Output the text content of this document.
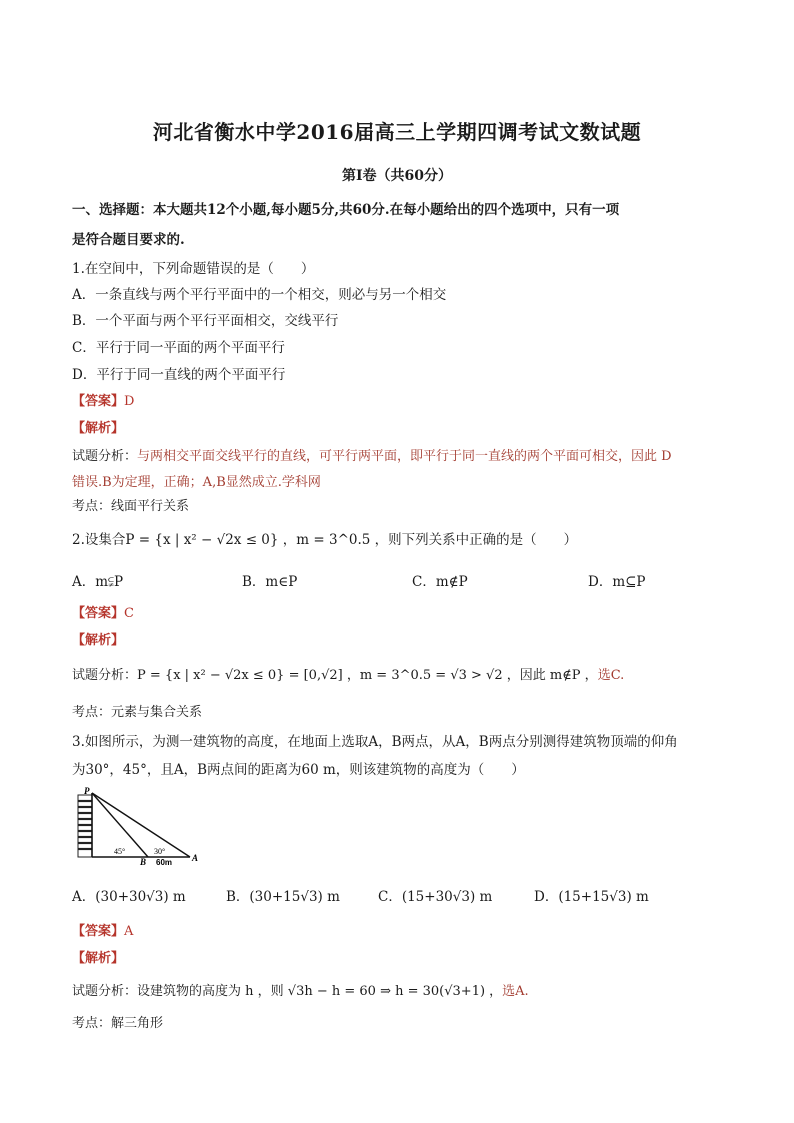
河北省衡水中学2016届高三上学期四调考试文数试题
第Ⅰ卷（共60分）
一、选择题：本大题共12个小题,每小题5分,共60分.在每小题给出的四个选项中，只有一项
是符合题目要求的.
1.在空间中，下列命题错误的是（　　）
A．一条直线与两个平行平面中的一个相交，则必与另一个相交
B．一个平面与两个平行平面相交，交线平行
C．平行于同一平面的两个平面平行
D．平行于同一直线的两个平面平行
【答案】D
【解析】
试题分析：与两相交平面交线平行的直线，可平行两平面，即平行于同一直线的两个平面可相交，因此 D
错误.B为定理，正确；A,B显然成立.学科网
考点：线面平行关系
2.设集合P = {x | x² − √2x ≤ 0} ，m = 3^0.5 ，则下列关系中正确的是（　　）
A．m⫋P	B．m∈P	C．m∉P	D．m⊆P
【答案】C
【解析】
试题分析：P = {x | x² − √2x ≤ 0} = [0,√2] ，m = 3^0.5 = √3 > √2 ，因此 m∉P ，选C.
考点：元素与集合关系
3.如图所示，为测一建筑物的高度，在地面上选取A，B两点，从A，B两点分别测得建筑物顶端的仰角
为30°，45°，且A，B两点间的距离为60 m，则该建筑物的高度为（　　）
P
45°	30°
B 60m A
A．(30+30√3) m	B．(30+15√3) m	C．(15+30√3) m	D．(15+15√3) m
【答案】A
【解析】
试题分析：设建筑物的高度为 h ，则 √3h − h = 60 ⇒ h = 30(√3+1) ，选A.
考点：解三角形
